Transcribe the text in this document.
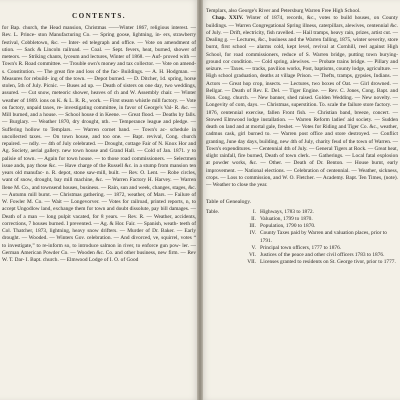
CONTENTS.

for Bap. church, the Head mansion, Christmas ——Winter 1867, religious interest. — Rev. L. Prince- ston Manufacturing Co. — Spring goose, lightning, in- ers, strawberry festival, Cobbletown, &c. — Inter- ed telegraph and office. — Vote on amendment of ution. — Sack & Lincoln railroad. — Coal. — Sept. fevers, heat, burned, shower of meteors. — Striking chants, lyceum and lectures, Winter of 1868. — Auf- proved with — Town's R. Road committee. — Trouble own's money and tax collector. — Vote on amend- s. Constitution. — The great fire and loss of the fac- Buildings. — A. H. Hodgman. — Measures for rebuild- ing of the town. — Depot burned. — D. Ditcher, 1d. spring, horse stolen, 5th of July. Picnic. — Buses ad up. — Death of sisters on one day, two weddings, assured. — Cut snow, meteoric shower, heaves of ch and W. Assembly chair. — Winter weather of 1869. ions on K. & L. R. R., work. — First steam whistle mill factory. — Vote on factory, unpaid taxes, re- investigating committee, in favor of George's Val- R. &c. — Mill burned, and a house. — School house d in Keene. — Great flood. — Deaths by falls. — Burglary. — Weather 1870, dry drought, nth. — Temperance league and pledge. — Suffering hollow to Templars. — Warren cornet band. — Town's ac- schedule in uncollected taxes. — On town house, and too one. — Bapt. revival, Cong. church repaired. — ndly. — 4th of July celebrated. — Drought, cottage Fair of N. Knox Hor and Ag. Society, aerial gallery. new town house and Grand Hall. — Cold of Jan. 1871. y to palisie of town. — Again for town house. — to those road commissioners. — Selectmen issue ands, pay those &c. — Have charge of the Russell &c. in a stump from mansion ten years old manufac- n. R. depot, stone saw-mill, built. — Rev. O. Lent. — Robe circles, want of snow, drought, bay mill machine, &c. — Warren Factory H. Harvey. — Warren Ilene M. Co., and townsend houses, business. — Rain, sun and week, changes, stages, &c. — Autumn mill burnt. — Christmas gathering. — 1872, weather, of Mars. — Failure of W. Fowler M. Co. — Wait — Longevorver. — Votes for railroad, printed reports, n, to accept Ungodlow land, exchange them for town and doubt dissolute, pay bill damages. — Death of a man — long pulpit vacated, for 8 years. — Rev. R. — Weather, accidents, corrections, 7 houses burned. I prevented. — Ag. & Hor. Fair. — Spanish, weath- teeth of Col. Thatcher, 1873, lightning, heavy snow drifters. — Murder of Dr. Baker. — Early drought. — Wooded. — Winters Gov. celebration. — And divorced, ve, squirrel, votes “ to investigate,” to re-inform so, to introduce salmon in river, to enforce gun pow- ler. — German American Powder Co. — Wooden &c. Co. and other business, new firm. — Rev W. T. Dar- I. Bapt. church. — Elmwood Lodge of I. O. of Good

Templars, also George's River and Petersburg Warren Free High School.

Chap. XXIV. Winter of 1874, records, &c., votes to build houses, on County buildings. — Warren Congregational Spring illness, caterpillars, alewives, centennial &c. of July. — Drift, electricity, fish ravelled. — Hail tramps, heavy rain, prizes, artist cut. — Dealing g. — Lectures, &c., business and the Warren falling, 1875, winter severity, store burnt, first school — alarms cold, kept level, revival at Cornhill, reel against High School, for road commissioners, reduce of S. Warren bridge, putting town burying-ground cor condition. — Cold spring, alewives. — Probate trains bridge. — Pillary and seizure. — Taxes. — tracks, pavilion works, Post, baptisms, county lodge, agriculture. — High school graduation, deaths at village Prison. — Thefts, tramps, gypsies, Indians. — Actors — Great hop crop, insects. — Lectures, two boxes of Oat. — Girl drowned. — Bellgar. — Death of Rev. E. Del. — Tiger Engine. — Rev. C. Jones, Cong. Bapt. and Hon. Cong. church. — New banner, shed raised. Golden Wedding. — New novelty. — Longevity of com, days. — Christmas, superstition. To. scale the failure store factory. — 1876, centennial exercise, fallen Front fish. — Christian band, breeze, concert. — Stowed Elmwood lodge installation. — Warren Reform ladies' aid society. — Sudden death on land and at mortal gale, freshet. — Votes for Riding and Tiger Co. &c., weather, cadmus cask, girl burned to. — Warren post office and store destroyed. — Conflict granting, June day days, building, new 4th of July, charity feud of the town of Warren. — Town's expenditures. — Centennial 4th of July. — General Tigers at Rock. — Great heat, slight rainfall, fire burned, Death of town clerk. — Gatherings. — Local fatal explosion at powder works, &c. — Other. — Death of Dr. Benton. — House burnt, early improvement. — National elections. — Celebration of centennial. — Weather, sickness, crops. — Loss to commission, and W. O. Fletcher. — Academy. Bapt. Ten Times, (note). — Weather to close the year.

Table of Genealogy.
Table.	I. Highways, 1783 to 1872.
II. Valuation, 1799 to 1870.
III. Population, 1790 to 1870.
IV. County Taxes paid by Warren and valuation places, prior to 1791.
V. Principal town officers, 1777 to 1876.
VI. Justices of the peace and other civil officers 1783 to 1876.
VII. Licenses granted to residents on St. George tivor, prior to 1777.
